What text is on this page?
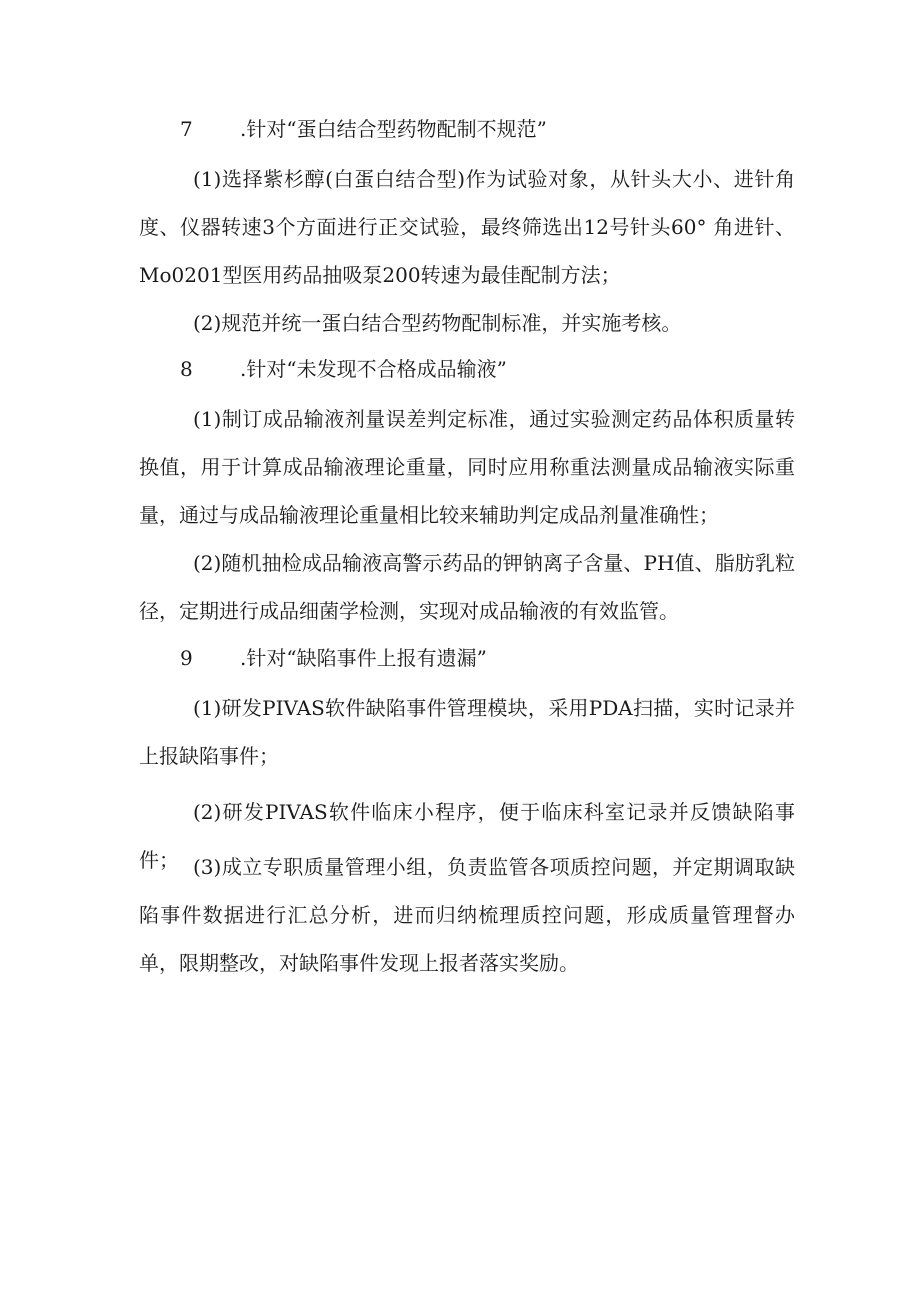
7 .针对“蛋白结合型药物配制不规范”

(1)选择紫杉醇(白蛋白结合型)作为试验对象，从针头大小、进针角度、仪器转速3个方面进行正交试验，最终筛选出12号针头60° 角进针、Mo0201型医用药品抽吸泵200转速为最佳配制方法；

(2)规范并统一蛋白结合型药物配制标准，并实施考核。

8 .针对“未发现不合格成品输液”

(1)制订成品输液剂量误差判定标准，通过实验测定药品体积质量转换值，用于计算成品输液理论重量，同时应用称重法测量成品输液实际重量，通过与成品输液理论重量相比较来辅助判定成品剂量准确性；

(2)随机抽检成品输液高警示药品的钾钠离子含量、PH值、脂肪乳粒径，定期进行成品细菌学检测，实现对成品输液的有效监管。

9 .针对“缺陷事件上报有遗漏”

(1)研发PIVAS软件缺陷事件管理模块，采用PDA扫描，实时记录并上报缺陷事件；

(2)研发PIVAS软件临床小程序，便于临床科室记录并反馈缺陷事件； (3)成立专职质量管理小组，负责监管各项质控问题，并定期调取缺陷事件数据进行汇总分析，进而归纳梳理质控问题，形成质量管理督办单，限期整改，对缺陷事件发现上报者落实奖励。
